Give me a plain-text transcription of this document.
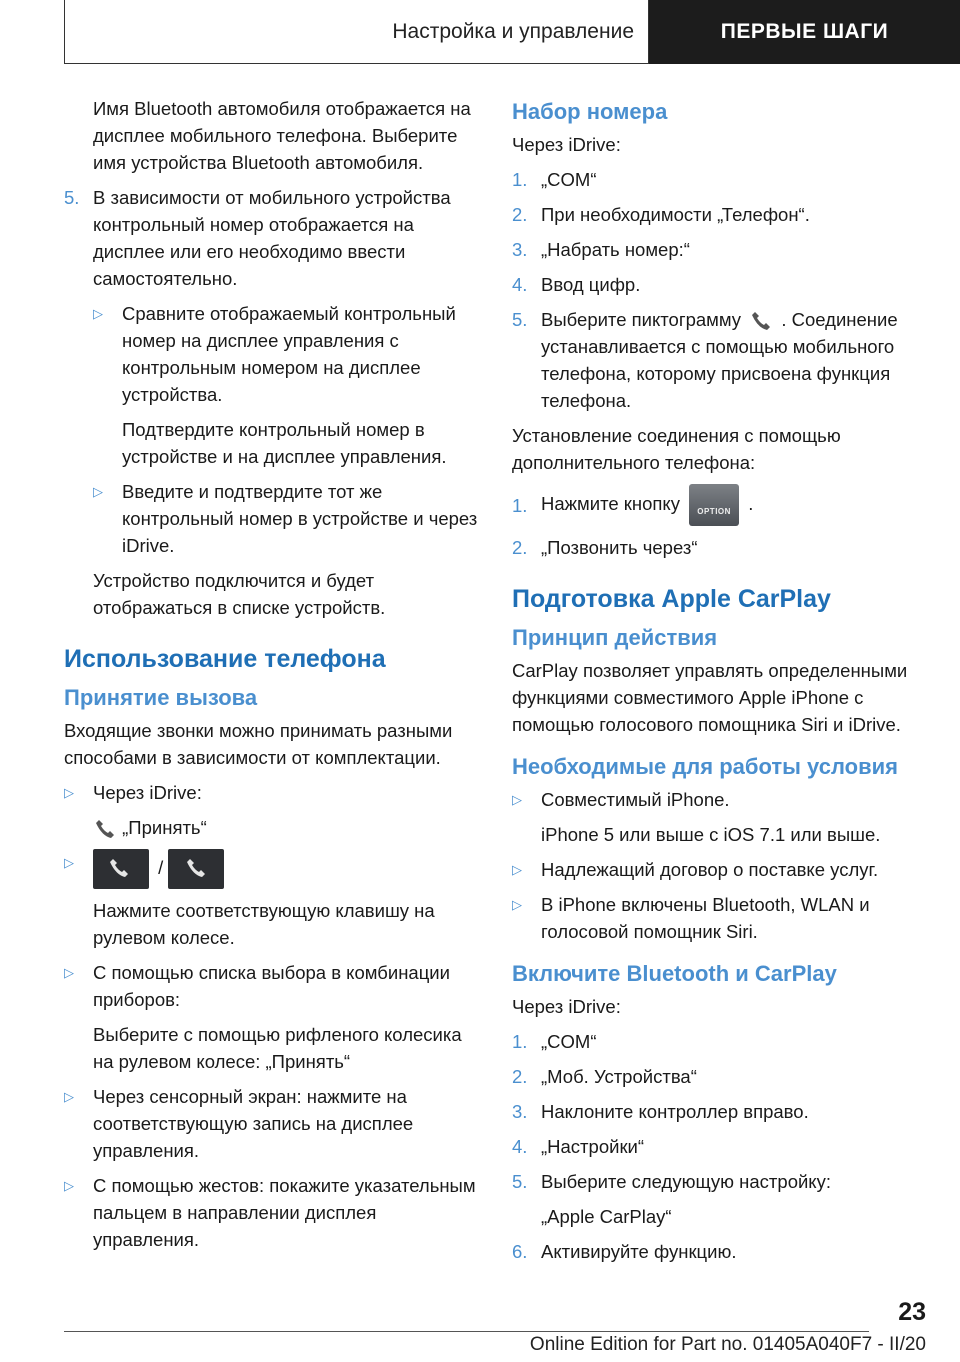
Настройка и управление	ПЕРВЫЕ ШАГИ
Имя Bluetooth автомобиля отображается на дисплее мобильного телефона. Выберите имя устройства Bluetooth автомобиля.
5. В зависимости от мобильного устройства контрольный номер отображается на дисплее или его необходимо ввести самостоятельно.
▷	Сравните отображаемый контрольный номер на дисплее управления с контрольным номером на дисплее устройства.
Подтвердите контрольный номер в устройстве и на дисплее управления.
▷	Введите и подтвердите тот же контрольный номер в устройстве и через iDrive.
Устройство подключится и будет отображаться в списке устройств.
Использование телефона
Принятие вызова
Входящие звонки можно принимать разными способами в зависимости от комплектации.
▷	Через iDrive:
„Принять“
▷	/
Нажмите соответствующую клавишу на рулевом колесе.
▷	С помощью списка выбора в комбинации приборов:
Выберите с помощью рифленого колесика на рулевом колесе: „Принять“
▷	Через сенсорный экран: нажмите на соответствующую запись на дисплее управления.
▷	С помощью жестов: покажите указательным пальцем в направлении дисплея управления.
Набор номера
Через iDrive:
1. „COM“
2. При необходимости „Телефон“.
3. „Набрать номер:“
4. Ввод цифр.
5. Выберите пиктограмму . Соединение устанавливается с помощью мобильного телефона, которому присвоена функция телефона.
Установление соединения с помощью дополнительного телефона:
1. Нажмите кнопку	OPTION .
2. „Позвонить через“
Подготовка Apple CarPlay
Принцип действия
CarPlay позволяет управлять определенными функциями совместимого Apple iPhone с помощью голосового помощника Siri и iDrive.
Необходимые для работы условия
▷	Совместимый iPhone.
iPhone 5 или выше с iOS 7.1 или выше.
▷	Надлежащий договор о поставке услуг.
▷	В iPhone включены Bluetooth, WLAN и голосовой помощник Siri.
Включите Bluetooth и CarPlay
Через iDrive:
1. „COM“
2. „Моб. Устройства“
3. Наклоните контроллер вправо.
4. „Настройки“
5. Выберите следующую настройку:
„Apple CarPlay“
6. Активируйте функцию.
23
Online Edition for Part no. 01405A040F7 - II/20
